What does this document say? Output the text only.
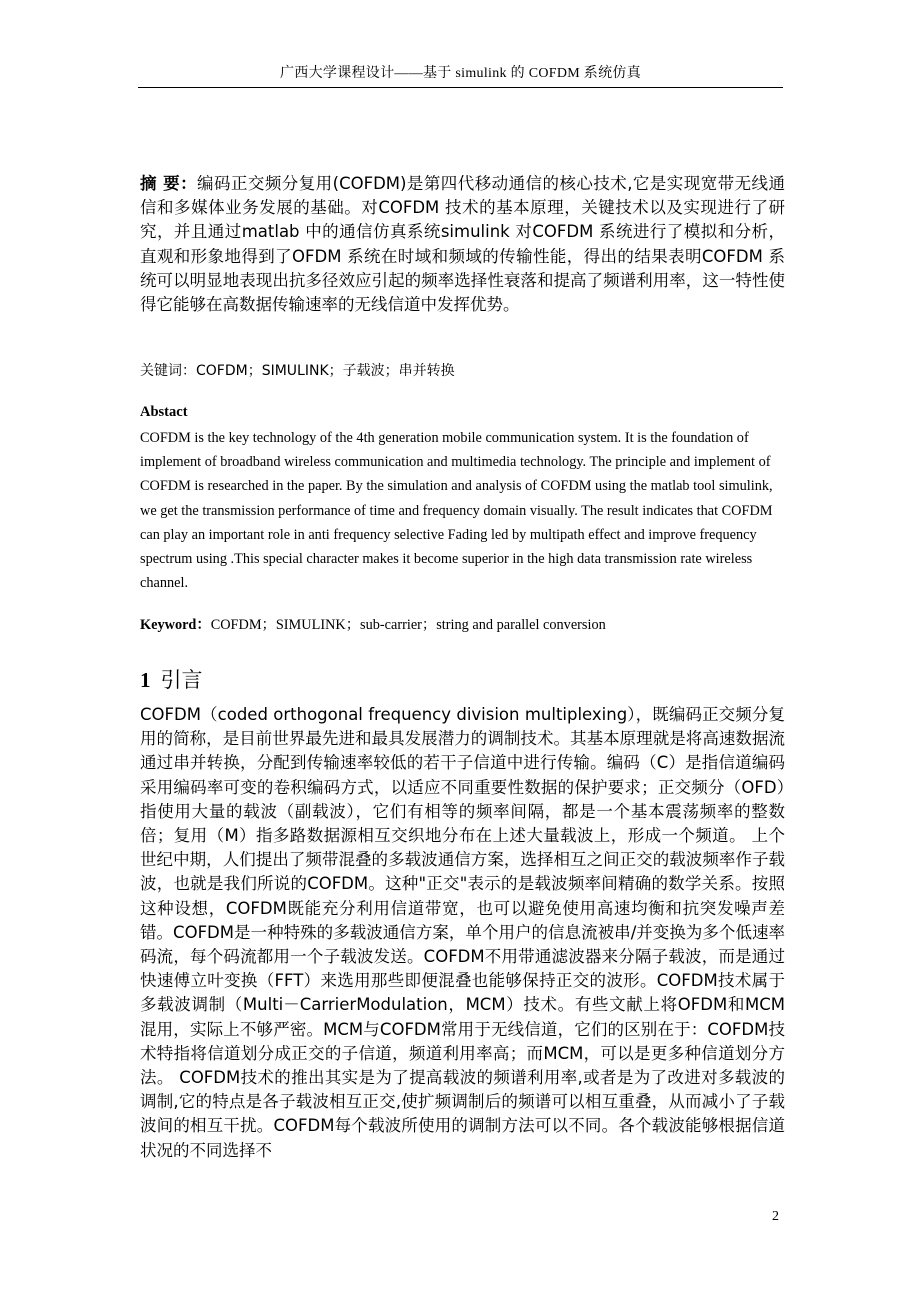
广西大学课程设计——基于 simulink 的 COFDM 系统仿真
摘 要：编码正交频分复用(COFDM)是第四代移动通信的核心技术,它是实现宽带无线通信和多媒体业务发展的基础。对COFDM 技术的基本原理，关键技术以及实现进行了研究，并且通过matlab 中的通信仿真系统simulink 对COFDM 系统进行了模拟和分析，直观和形象地得到了OFDM 系统在时域和频域的传输性能，得出的结果表明COFDM 系统可以明显地表现出抗多径效应引起的频率选择性衰落和提高了频谱利用率，这一特性使得它能够在高数据传输速率的无线信道中发挥优势。
关键词：COFDM；SIMULINK；子载波；串并转换
Abstact
COFDM is the key technology of the 4th generation mobile communication system. It is the foundation of implement of broadband wireless communication and multimedia technology. The principle and implement of COFDM is researched in the paper. By the simulation and analysis of COFDM using the matlab tool simulink, we get the transmission performance of time and frequency domain visually. The result indicates that COFDM can play an important role in anti frequency selective Fading led by multipath effect and improve frequency spectrum using .This special character makes it become superior in the high data transmission rate wireless channel.
Keyword：COFDM；SIMULINK；sub-carrier；string and parallel conversion
1 引言
COFDM（coded orthogonal frequency division multiplexing），既编码正交频分复用的简称，是目前世界最先进和最具发展潜力的调制技术。其基本原理就是将高速数据流通过串并转换，分配到传输速率较低的若干子信道中进行传输。编码（C）是指信道编码采用编码率可变的卷积编码方式，以适应不同重要性数据的保护要求；正交频分（OFD）指使用大量的载波（副载波），它们有相等的频率间隔，都是一个基本震荡频率的整数倍；复用（M）指多路数据源相互交织地分布在上述大量载波上，形成一个频道。 上个世纪中期，人们提出了频带混叠的多载波通信方案，选择相互之间正交的载波频率作子载波，也就是我们所说的COFDM。这种"正交"表示的是载波频率间精确的数学关系。按照这种设想，COFDM既能充分利用信道带宽，也可以避免使用高速均衡和抗突发噪声差错。COFDM是一种特殊的多载波通信方案，单个用户的信息流被串/并变换为多个低速率码流，每个码流都用一个子载波发送。COFDM不用带通滤波器来分隔子载波，而是通过快速傅立叶变换（FFT）来选用那些即便混叠也能够保持正交的波形。COFDM技术属于多载波调制（Multi－CarrierModulation，MCM）技术。有些文献上将OFDM和MCM混用，实际上不够严密。MCM与COFDM常用于无线信道，它们的区别在于：COFDM技术特指将信道划分成正交的子信道，频道利用率高；而MCM，可以是更多种信道划分方法。 COFDM技术的推出其实是为了提高载波的频谱利用率,或者是为了改进对多载波的调制,它的特点是各子载波相互正交,使扩频调制后的频谱可以相互重叠，从而减小了子载波间的相互干扰。COFDM每个载波所使用的调制方法可以不同。各个载波能够根据信道状况的不同选择不
2
